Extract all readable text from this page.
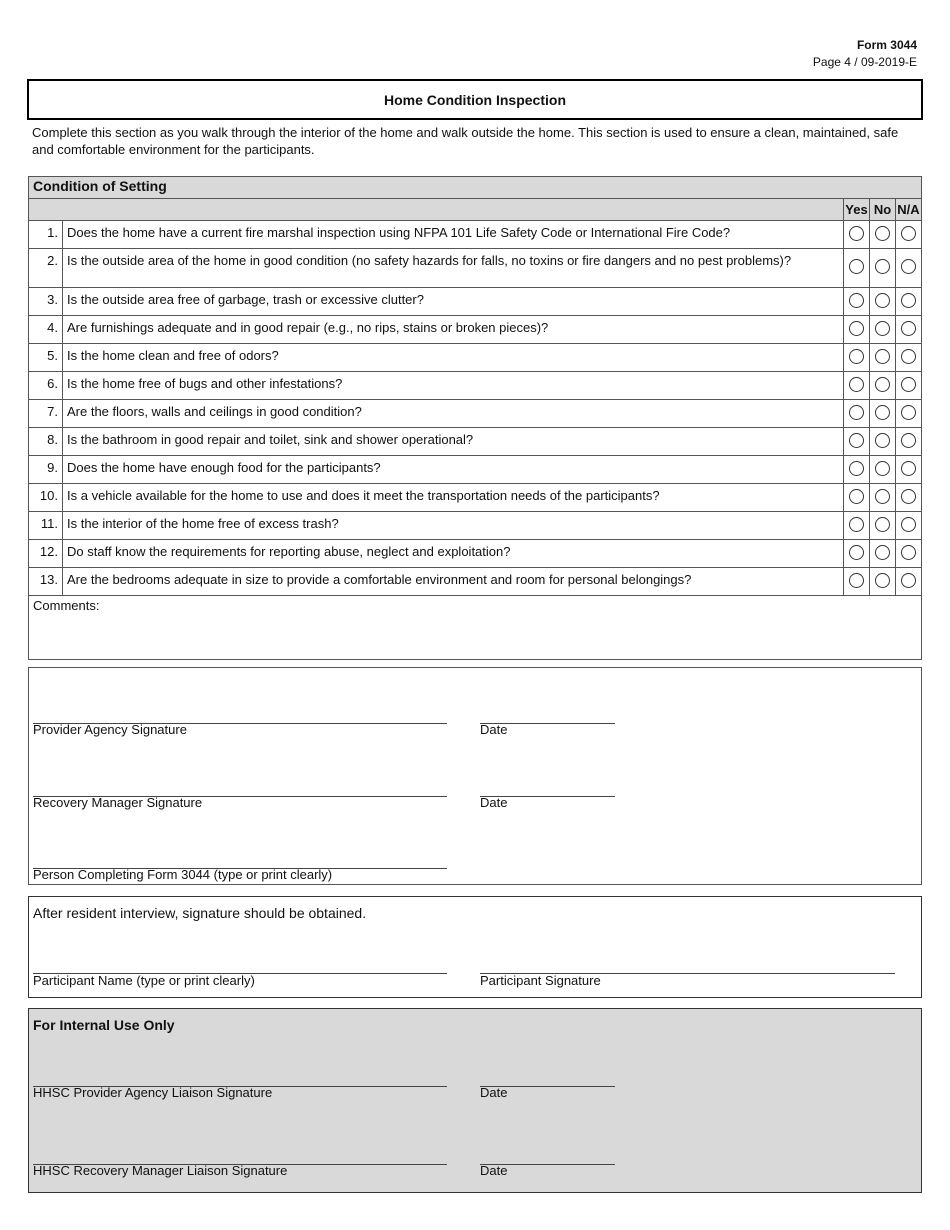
Form 3044
Page 4 / 09-2019-E
Home Condition Inspection
Complete this section as you walk through the interior of the home and walk outside the home. This section is used to ensure a clean, maintained, safe and comfortable environment for the participants.
Condition of Setting				
		Yes	No	N/A
1.	Does the home have a current fire marshal inspection using NFPA 101 Life Safety Code or International Fire Code?			
2.	Is the outside area of the home in good condition (no safety hazards for falls, no toxins or fire dangers and no pest problems)?			
3.	Is the outside area free of garbage, trash or excessive clutter?			
4.	Are furnishings adequate and in good repair (e.g., no rips, stains or broken pieces)?			
5.	Is the home clean and free of odors?			
6.	Is the home free of bugs and other infestations?			
7.	Are the floors, walls and ceilings in good condition?			
8.	Is the bathroom in good repair and toilet, sink and shower operational?			
9.	Does the home have enough food for the participants?			
10.	Is a vehicle available for the home to use and does it meet the transportation needs of the participants?			
11.	Is the interior of the home free of excess trash?			
12.	Do staff know the requirements for reporting abuse, neglect and exploitation?			
13.	Are the bedrooms adequate in size to provide a comfortable environment and room for personal belongings?			
Comments:				
Provider Agency Signature	Date
Recovery Manager Signature	Date
Person Completing Form 3044 (type or print clearly)
After resident interview, signature should be obtained.
Participant Name (type or print clearly)	Participant Signature
For Internal Use Only
HHSC Provider Agency Liaison Signature	Date
HHSC Recovery Manager Liaison Signature	Date
